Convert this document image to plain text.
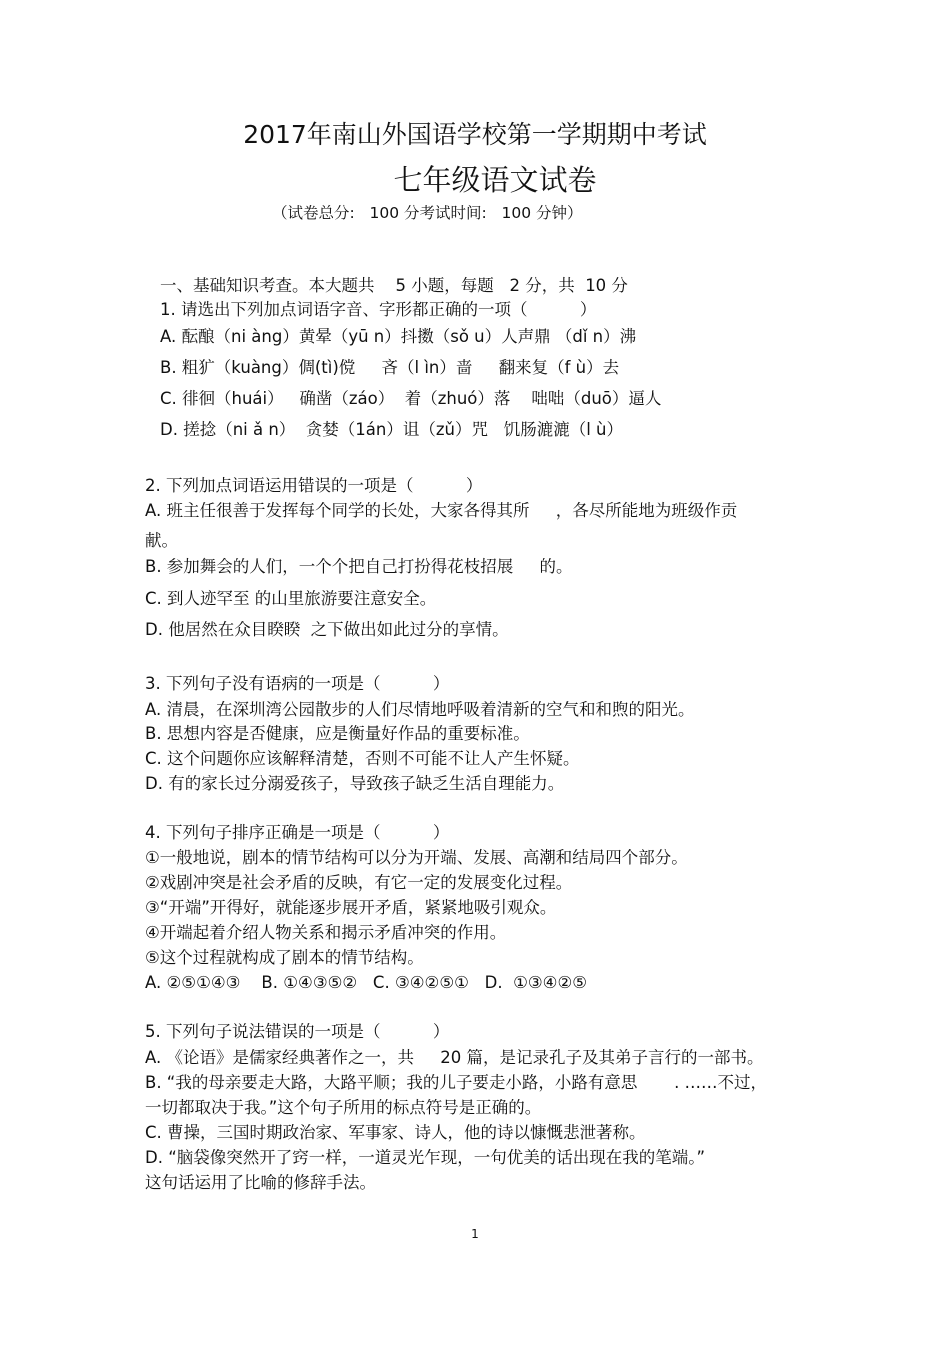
2017年南山外国语学校第一学期期中考试
七年级语文试卷
（试卷总分:   100 分考试时间:   100 分钟）
一、基础知识考查。本大题共    5 小题，每题   2 分，共  10 分
1. 请选出下列加点词语字音、字形都正确的一项（          ）
A. 酝酿（ni àng）黄晕（yū n）抖擞（sǒ u）人声鼎 （dǐ n）沸
B. 粗犷（kuàng）倜(tì)傥     吝（l ìn）啬     翻来复（f ù）去
C. 徘徊（huái）   确凿（záo）  着（zhuó）落    咄咄（duō）逼人
D. 搓捻（ni ǎ n）  贪婪（1án）诅（zǔ）咒   饥肠漉漉（l ù）
2. 下列加点词语运用错误的一项是（          ）
A. 班主任很善于发挥每个同学的长处，大家各得其所     ，各尽所能地为班级作贡
献。
B. 参加舞会的人们，一个个把自己打扮得花枝招展     的。
C. 到人迹罕至 的山里旅游要注意安全。
D. 他居然在众目睽睽  之下做出如此过分的享情。
3. 下列句子没有语病的一项是（          ）
A. 清晨，在深圳湾公园散步的人们尽情地呼吸着清新的空气和和煦的阳光。
B. 思想内容是否健康，应是衡量好作品的重要标准。
C. 这个问题你应该解释清楚，否则不可能不让人产生怀疑。
D. 有的家长过分溺爱孩子，导致孩子缺乏生活自理能力。
4. 下列句子排序正确是一项是（          ）
①一般地说，剧本的情节结构可以分为开端、发展、高潮和结局四个部分。
②戏剧冲突是社会矛盾的反映，有它一定的发展变化过程。
③“开端”开得好，就能逐步展开矛盾，紧紧地吸引观众。
④开端起着介绍人物关系和揭示矛盾冲突的作用。
⑤这个过程就构成了剧本的情节结构。
A. ②⑤①④③    B. ①④③⑤②   C. ③④②⑤①   D.  ①③④②⑤
5. 下列句子说法错误的一项是（          ）
A. 《论语》是儒家经典著作之一，共     20 篇，是记录孔子及其弟子言行的一部书。
B. “我的母亲要走大路，大路平顺；我的儿子要走小路，小路有意思       . ……不过，
一切都取决于我。”这个句子所用的标点符号是正确的。
C. 曹操，三国时期政治家、军事家、诗人，他的诗以慷慨悲泄著称。
D. “脑袋像突然开了窍一样，一道灵光乍现，一句优美的话出现在我的笔端。”
这句话运用了比喻的修辞手法。
1
